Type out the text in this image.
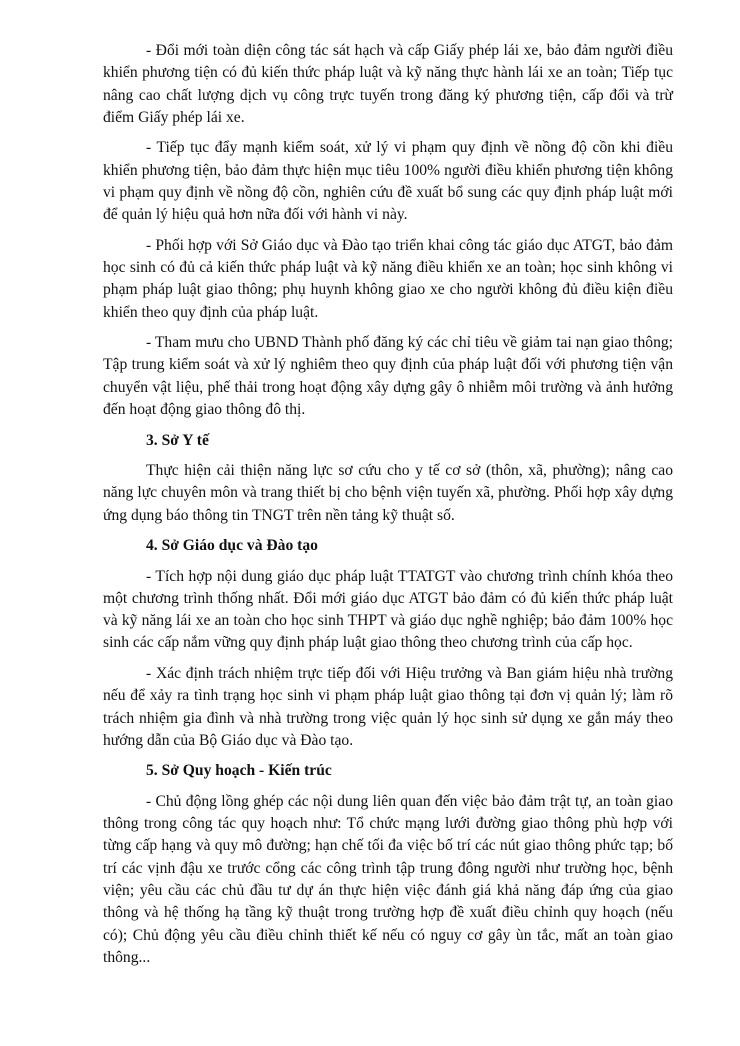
- Đổi mới toàn diện công tác sát hạch và cấp Giấy phép lái xe, bảo đảm người điều khiển phương tiện có đủ kiến thức pháp luật và kỹ năng thực hành lái xe an toàn; Tiếp tục nâng cao chất lượng dịch vụ công trực tuyến trong đăng ký phương tiện, cấp đổi và trừ điểm Giấy phép lái xe.

- Tiếp tục đẩy mạnh kiểm soát, xử lý vi phạm quy định về nồng độ cồn khi điều khiển phương tiện, bảo đảm thực hiện mục tiêu 100% người điều khiển phương tiện không vi phạm quy định về nồng độ cồn, nghiên cứu đề xuất bổ sung các quy định pháp luật mới để quản lý hiệu quả hơn nữa đối với hành vi này.

- Phối hợp với Sở Giáo dục và Đào tạo triển khai công tác giáo dục ATGT, bảo đảm học sinh có đủ cả kiến thức pháp luật và kỹ năng điều khiển xe an toàn; học sinh không vi phạm pháp luật giao thông; phụ huynh không giao xe cho người không đủ điều kiện điều khiển theo quy định của pháp luật.

- Tham mưu cho UBND Thành phố đăng ký các chỉ tiêu về giảm tai nạn giao thông; Tập trung kiểm soát và xử lý nghiêm theo quy định của pháp luật đối với phương tiện vận chuyển vật liệu, phế thải trong hoạt động xây dựng gây ô nhiễm môi trường và ảnh hưởng đến hoạt động giao thông đô thị.

3. Sở Y tế

Thực hiện cải thiện năng lực sơ cứu cho y tế cơ sở (thôn, xã, phường); nâng cao năng lực chuyên môn và trang thiết bị cho bệnh viện tuyến xã, phường. Phối hợp xây dựng ứng dụng báo thông tin TNGT trên nền tảng kỹ thuật số.

4. Sở Giáo dục và Đào tạo

- Tích hợp nội dung giáo dục pháp luật TTATGT vào chương trình chính khóa theo một chương trình thống nhất. Đổi mới giáo dục ATGT bảo đảm có đủ kiến thức pháp luật và kỹ năng lái xe an toàn cho học sinh THPT và giáo dục nghề nghiệp; bảo đảm 100% học sinh các cấp nắm vững quy định pháp luật giao thông theo chương trình của cấp học.

- Xác định trách nhiệm trực tiếp đối với Hiệu trưởng và Ban giám hiệu nhà trường nếu để xảy ra tình trạng học sinh vi phạm pháp luật giao thông tại đơn vị quản lý; làm rõ trách nhiệm gia đình và nhà trường trong việc quản lý học sinh sử dụng xe gắn máy theo hướng dẫn của Bộ Giáo dục và Đào tạo.

5. Sở Quy hoạch - Kiến trúc

- Chủ động lồng ghép các nội dung liên quan đến việc bảo đảm trật tự, an toàn giao thông trong công tác quy hoạch như: Tổ chức mạng lưới đường giao thông phù hợp với từng cấp hạng và quy mô đường; hạn chế tối đa việc bố trí các nút giao thông phức tạp; bố trí các vịnh đậu xe trước cổng các công trình tập trung đông người như trường học, bệnh viện; yêu cầu các chủ đầu tư dự án thực hiện việc đánh giá khả năng đáp ứng của giao thông và hệ thống hạ tầng kỹ thuật trong trường hợp đề xuất điều chỉnh quy hoạch (nếu có); Chủ động yêu cầu điều chỉnh thiết kế nếu có nguy cơ gây ùn tắc, mất an toàn giao thông...
